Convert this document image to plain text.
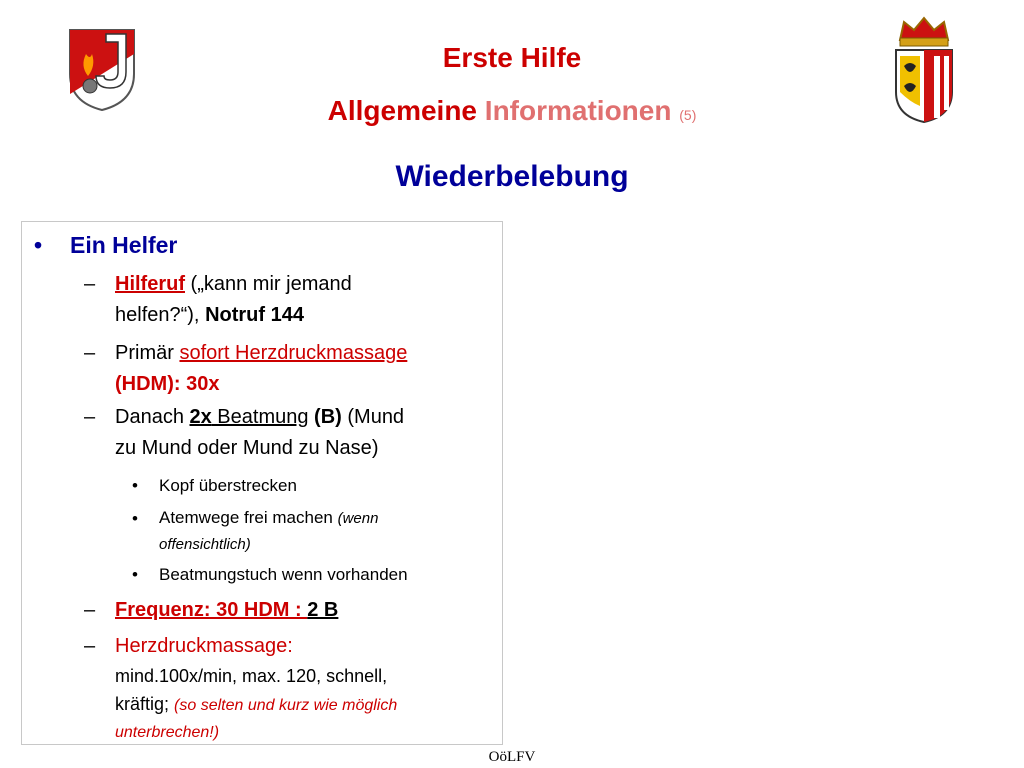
Erste Hilfe
Allgemeine Informationen (5)
Wiederbelebung
• Ein Helfer
– Hilferuf („kann mir jemand
helfen?“), Notruf 144
– Primär sofort Herzdruckmassage
(HDM): 30x
– Danach 2x Beatmung (B) (Mund
zu Mund oder Mund zu Nase)
• Kopf überstrecken
• Atemwege frei machen (wenn
offensichtlich)
• Beatmungstuch wenn vorhanden
– Frequenz: 30 HDM : 2 B
– Herzdruckmassage:
mind.100x/min, max. 120, schnell,
kräftig; (so selten und kurz wie möglich
unterbrechen!)
OöLFV
